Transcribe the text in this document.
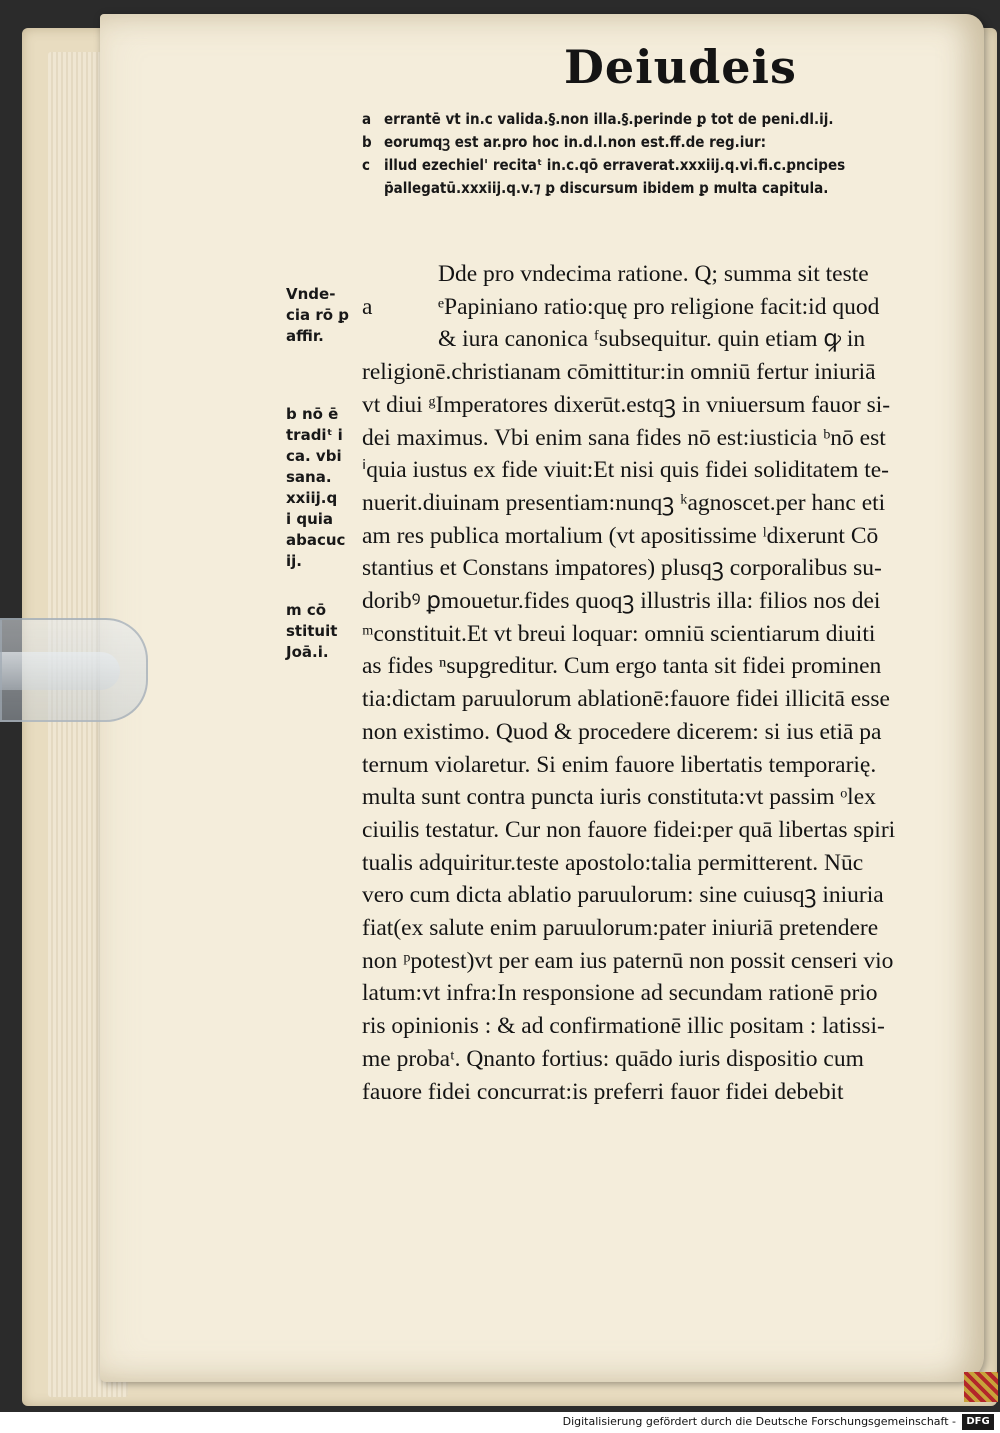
Deiudeis
a errantē vt in.c valida.§.non illa.§.perinde ꝑ tot de peni.dl.ij.
b eorumqꝫ est ar.pro hoc in.d.l.non est.ff.de reg.iur:
c illud ezechiel' recitaᵗ in.c.qō erraverat.xxxiij.q.vi.fi.c.ꝑncipes
p̄allegatū.xxxiij.q.v.⁊ ꝑ discursum ibidem ꝑ multa capitula.
Vnde-
cia rō ꝑ
affir.
b nō ē
tradiᵗ i
ca. vbi
sana.
xxiij.q
i quia
abacuc
ij.
m cō
stituit
Joā.i.
Dde pro vndecima ratione. Q; summa sit teste
a	ᵉPapiniano ratio:quę pro religione facit:id quod
& iura canonica ᶠsubsequitur. quin etiam ꝙ in
religionē.christianam cōmittitur:in omniū fertur iniuriā
vt diui ᵍImperatores dixerūt.estqꝫ in vniuersum fauor si-
dei maximus. Vbi enim sana fides nō est:iusticia ᵇnō est
ⁱquia iustus ex fide viuit:Et nisi quis fidei soliditatem te-
nuerit.diuinam presentiam:nunqꝫ ᵏagnoscet.per hanc eti
am res publica mortalium (vt apositissime ˡdixerunt Cō
stantius et Constans impatores) plusqꝫ corporalibus su-
doribꝰ ꝑmouetur.fides quoqꝫ illustris illa: filios nos dei
ᵐconstituit.Et vt breui loquar: omniū scientiarum diuiti
as fides ⁿsupgreditur. Cum ergo tanta sit fidei prominen
tia:dictam paruulorum ablationē:fauore fidei illicitā esse
non existimo. Quod & procedere dicerem: si ius etiā pa
ternum violaretur. Si enim fauore libertatis temporarię.
multa sunt contra puncta iuris constituta:vt passim ᵒlex
ciuilis testatur. Cur non fauore fidei:per quā libertas spiri
tualis adquiritur.teste apostolo:talia permitterent. Nūc
vero cum dicta ablatio paruulorum: sine cuiusqꝫ iniuria
fiat(ex salute enim paruulorum:pater iniuriā pretendere
non ᵖpotest)vt per eam ius paternū non possit censeri vio
latum:vt infra:In responsione ad secundam rationē prio
ris opinionis : & ad confirmationē illic positam : latissi-
me probaᵗ. Qnanto fortius: quādo iuris dispositio cum
fauore fidei concurrat:is preferri fauor fidei debebit
Digitalisierung gefördert durch die Deutsche Forschungsgemeinschaft -	DFG
